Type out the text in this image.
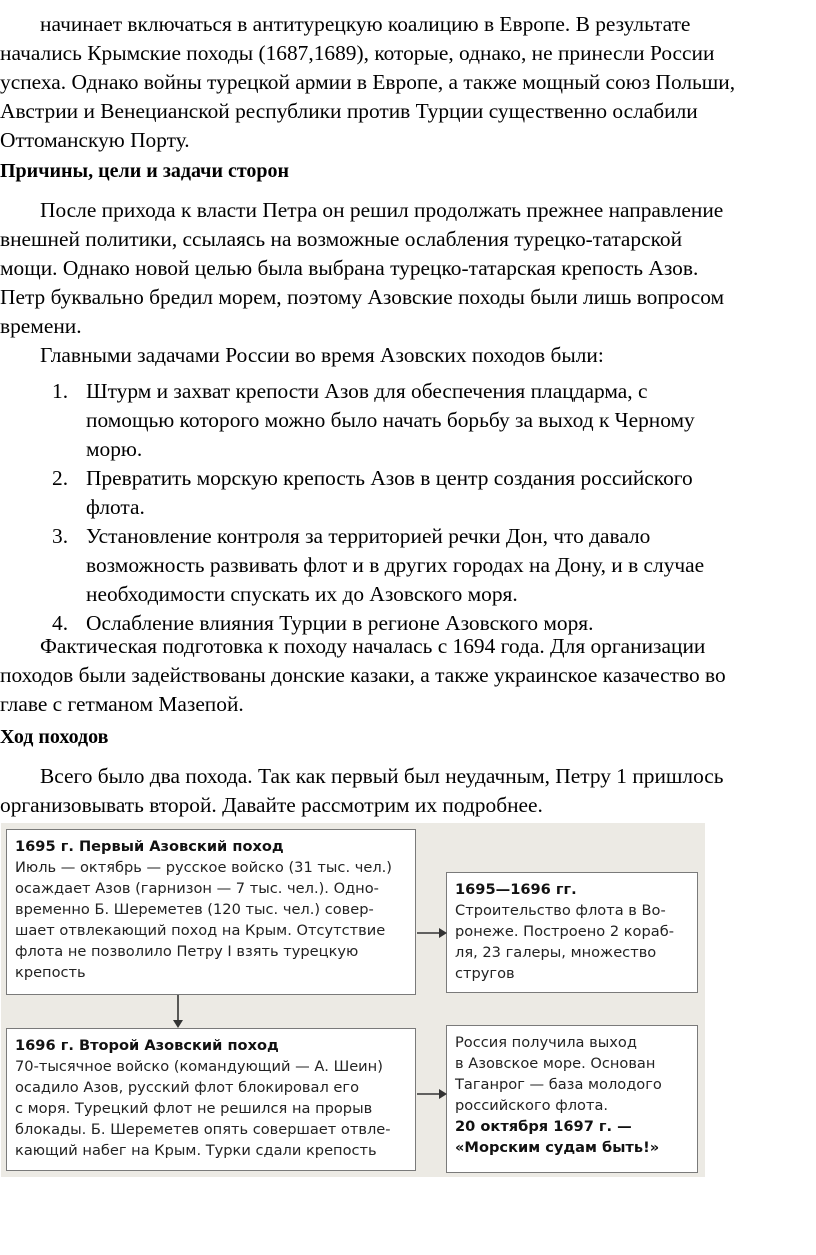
начинает включаться в антитурецкую коалицию в Европе. В результате
начались Крымские походы (1687,1689), которые, однако, не принесли России
успеха. Однако войны турецкой армии в Европе, а также мощный союз Польши,
Австрии и Венецианской республики против Турции существенно ослабили
Оттоманскую Порту.

Причины, цели и задачи сторон

После прихода к власти Петра он решил продолжать прежнее направление
внешней политики, ссылаясь на возможные ослабления турецко-татарской
мощи. Однако новой целью была выбрана турецко-татарская крепость Азов.
Петр буквально бредил морем, поэтому Азовские походы были лишь вопросом
времени.

Главными задачами России во время Азовских походов были:

1. Штурм и захват крепости Азов для обеспечения плацдарма, с
помощью которого можно было начать борьбу за выход к Черному
морю.
2. Превратить морскую крепость Азов в центр создания российского
флота.
3. Установление контроля за территорией речки Дон, что давало
возможность развивать флот и в других городах на Дону, и в случае
необходимости спускать их до Азовского моря.
4. Ослабление влияния Турции в регионе Азовского моря.

Фактическая подготовка к походу началась с 1694 года. Для организации
походов были задействованы донские казаки, а также украинское казачество во
главе с гетманом Мазепой.

Ход походов

Всего было два похода. Так как первый был неудачным, Петру 1 пришлось
организовывать второй. Давайте рассмотрим их подробнее.

1695 г. Первый Азовский поход
Июль — октябрь — русское войско (31 тыс. чел.)
осаждает Азов (гарнизон — 7 тыс. чел.). Одно-
временно Б. Шереметев (120 тыс. чел.) совер-
шает отвлекающий поход на Крым. Отсутствие
флота не позволило Петру I взять турецкую
крепость
1695—1696 гг.
Строительство флота в Во-
ронеже. Построено 2 кораб-
ля, 23 галеры, множество
стругов
1696 г. Второй Азовский поход
70-тысячное войско (командующий — А. Шеин)
осадило Азов, русский флот блокировал его
с моря. Турецкий флот не решился на прорыв
блокады. Б. Шереметев опять совершает отвле-
кающий набег на Крым. Турки сдали крепость
Россия получила выход
в Азовское море. Основан
Таганрог — база молодого
российского флота.
20 октября 1697 г. —
«Морским судам быть!»
